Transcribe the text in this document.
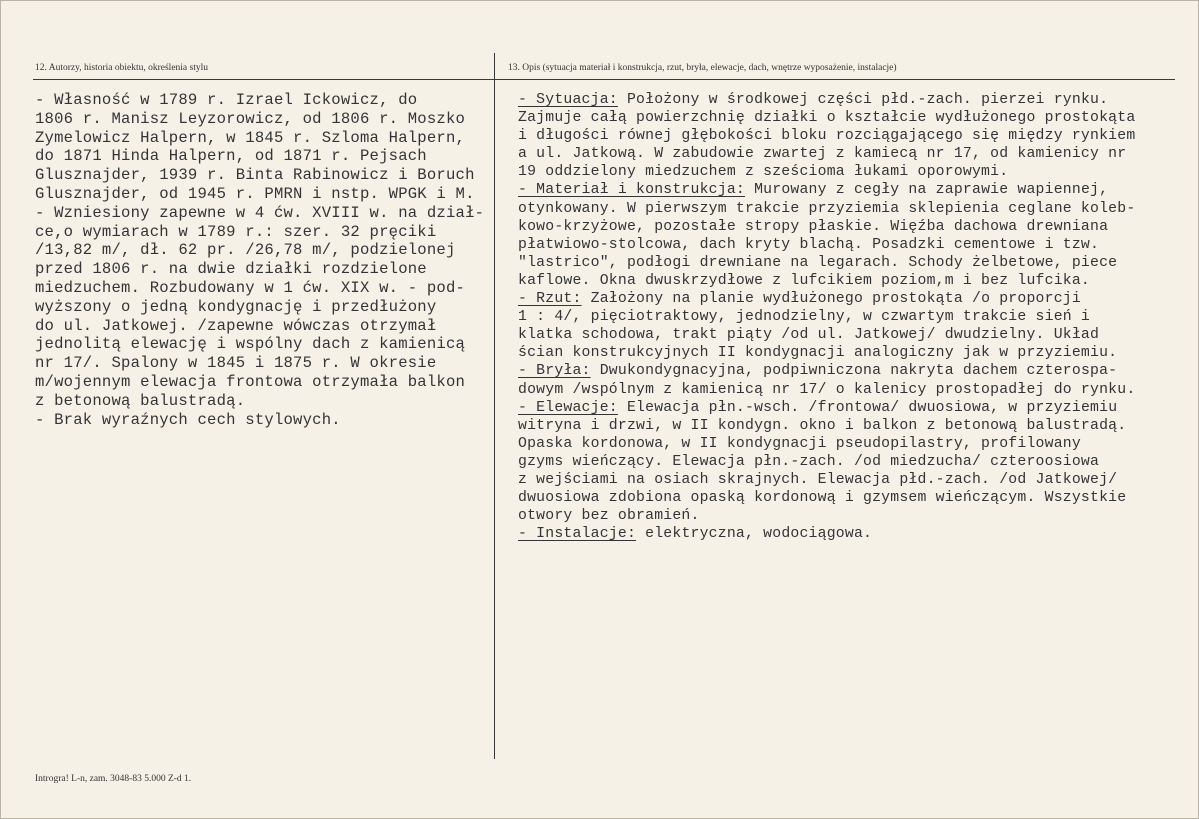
12. Autorzy, historia obiektu, określenia stylu	13. Opis (sytuacja materiał i konstrukcja, rzut, bryła, elewacje, dach, wnętrze wyposażenie, instalacje)
- Własność w 1789 r. Izrael Ickowicz, do
1806 r. Manisz Leyzorowicz, od 1806 r. Moszko
Zymelowicz Halpern, w 1845 r. Szloma Halpern,
do 1871 Hinda Halpern, od 1871 r. Pejsach
Glusznajder, 1939 r. Binta Rabinowicz i Boruch
Glusznajder, od 1945 r. PMRN i nstp. WPGK i M.
- Wzniesiony zapewne w 4 ćw. XVIII w. na dział-
ce,o wymiarach w 1789 r.: szer. 32 pręciki
/13,82 m/, dł. 62 pr. /26,78 m/, podzielonej
przed 1806 r. na dwie działki rozdzielone
miedzuchem. Rozbudowany w 1 ćw. XIX w. - pod-
wyższony o jedną kondygnację i przedłużony
do ul. Jatkowej. /zapewne wówczas otrzymał
jednolitą elewację i wspólny dach z kamienicą
nr 17/. Spalony w 1845 i 1875 r. W okresie
m/wojennym elewacja frontowa otrzymała balkon
z betonową balustradą.
- Brak wyraźnych cech stylowych.
- Sytuacja: Położony w środkowej części płd.-zach. pierzei rynku.
Zajmuje całą powierzchnię działki o kształcie wydłużonego prostokąta
i długości równej głębokości bloku rozciągającego się między rynkiem
a ul. Jatkową. W zabudowie zwartej z kamiecą nr 17, od kamienicy nr
19 oddzielony miedzuchem z sześcioma łukami oporowymi.
- Materiał i konstrukcja: Murowany z cegły na zaprawie wapiennej,
otynkowany. W pierwszym trakcie przyziemia sklepienia ceglane koleb-
kowo-krzyżowe, pozostałe stropy płaskie. Więźba dachowa drewniana
płatwiowo-stolcowa, dach kryty blachą. Posadzki cementowe i tzw.
"lastrico", podłogi drewniane na legarach. Schody żelbetowe, piece
kaflowe. Okna dwuskrzydłowe z lufcikiem poziom,m i bez lufcika.
- Rzut: Założony na planie wydłużonego prostokąta /o proporcji
1 : 4/, pięciotraktowy, jednodzielny, w czwartym trakcie sień i
klatka schodowa, trakt piąty /od ul. Jatkowej/ dwudzielny. Układ
ścian konstrukcyjnych II kondygnacji analogiczny jak w przyziemiu.
- Bryła: Dwukondygnacyjna, podpiwniczona nakryta dachem czterospa-
dowym /wspólnym z kamienicą nr 17/ o kalenicy prostopadłej do rynku.
- Elewacje: Elewacja płn.-wsch. /frontowa/ dwuosiowa, w przyziemiu
witryna i drzwi, w II kondygn. okno i balkon z betonową balustradą.
Opaska kordonowa, w II kondygnacji pseudopilastry, profilowany
gzyms wieńczący. Elewacja płn.-zach. /od miedzucha/ czteroosiowa
z wejściami na osiach skrajnych. Elewacja płd.-zach. /od Jatkowej/
dwuosiowa zdobiona opaską kordonową i gzymsem wieńczącym. Wszystkie
otwory bez obramień.
- Instalacje: elektryczna, wodociągowa.
Introgra! L-n, zam. 3048-83 5.000 Z-d 1.
